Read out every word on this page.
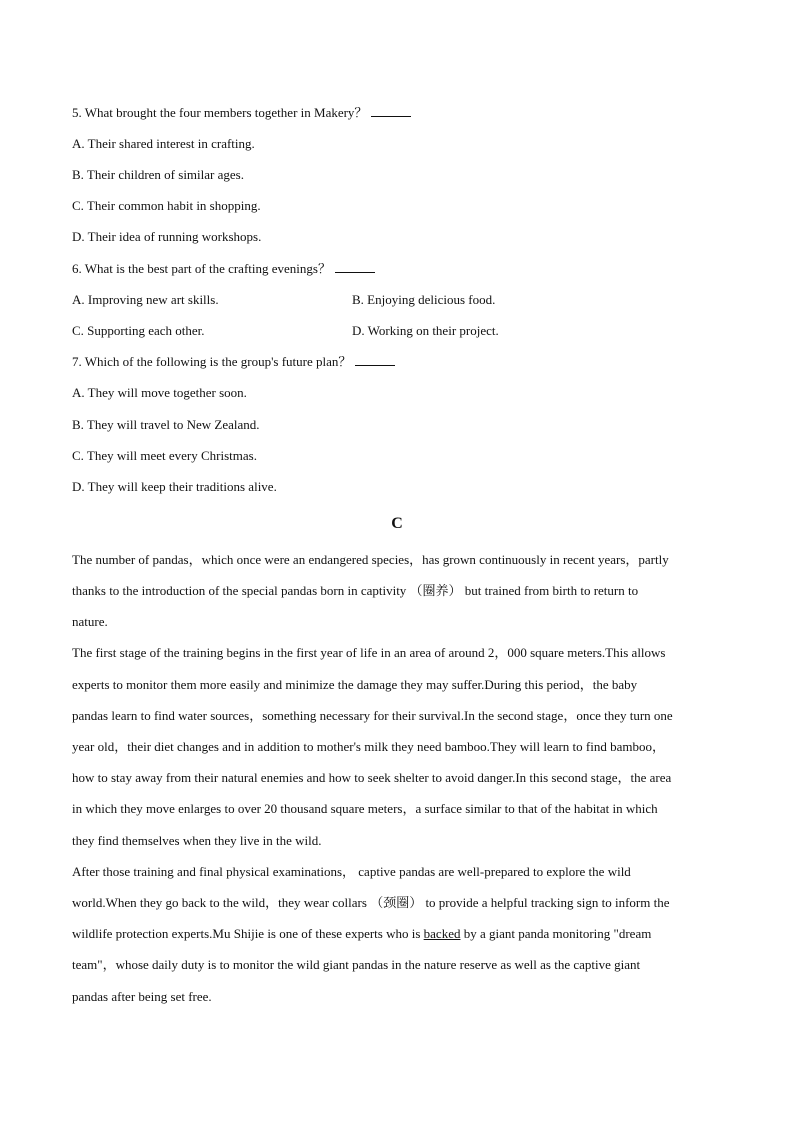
5. What brought the four members together in Makery？
A. Their shared interest in crafting.
B. Their children of similar ages.
C. Their common habit in shopping.
D. Their idea of running workshops.
6. What is the best part of the crafting evenings？
A. Improving new art skills.	B. Enjoying delicious food.
C. Supporting each other.	D. Working on their project.
7. Which of the following is the group's future plan？
A. They will move together soon.
B. They will travel to New Zealand.
C. They will meet every Christmas.
D. They will keep their traditions alive.
C
The number of pandas，which once were an endangered species，has grown continuously in recent years，partly
thanks to the introduction of the special pandas born in captivity （圈养） but trained from birth to return to
nature.
The first stage of the training begins in the first year of life in an area of around 2，000 square meters.This allows
experts to monitor them more easily and minimize the damage they may suffer.During this period，the baby
pandas learn to find water sources，something necessary for their survival.In the second stage，once they turn one
year old，their diet changes and in addition to mother's milk they need bamboo.They will learn to find bamboo，
how to stay away from their natural enemies and how to seek shelter to avoid danger.In this second stage，the area
in which they move enlarges to over 20 thousand square meters，a surface similar to that of the habitat in which
they find themselves when they live in the wild.
After those training and final physical examinations， captive pandas are well-prepared to explore the wild
world.When they go back to the wild，they wear collars （颈圈） to provide a helpful tracking sign to inform the
wildlife protection experts.Mu Shijie is one of these experts who is backed by a giant panda monitoring "dream
team"，whose daily duty is to monitor the wild giant pandas in the nature reserve as well as the captive giant
pandas after being set free.
